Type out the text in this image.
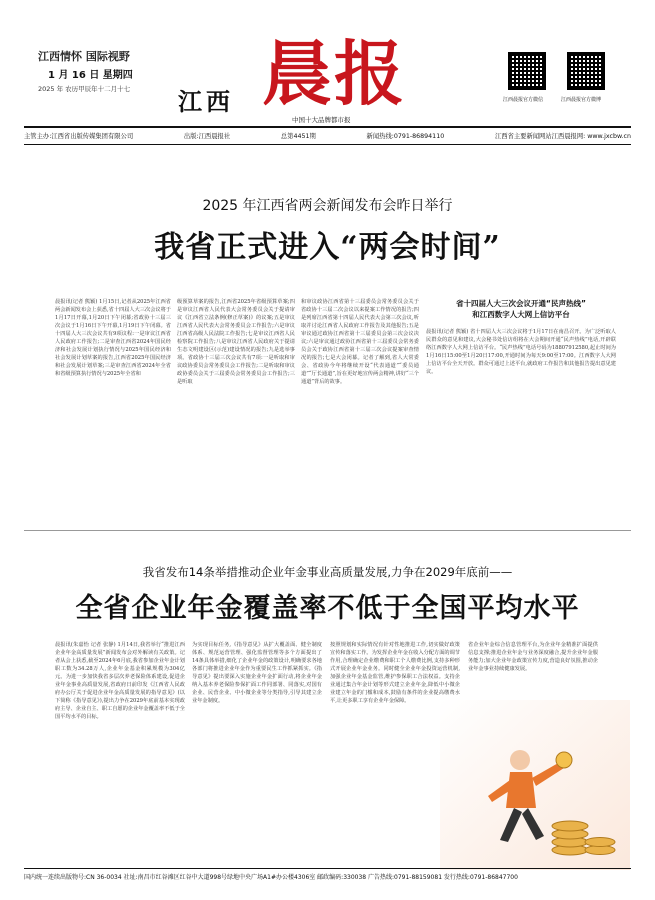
江西情怀 国际视野
1 月 16 日 星期四
2025 年 农历甲辰年十二月十七 江西 晨报
中国十大品牌都市报
江西晨报官方微信	江西晨报官方微博
主管主办:江西省出版传媒集团有限公司	出版:江西晨报社	总第4451期	新闻热线:0791-86894110	江西省主要新闻网站江西晨报网: www.jxcbw.cn
2025 年江西省两会新闻发布会昨日举行
我省正式进入“两会时间”
晨报讯(记者 熊颖) 1月15日,记者从2025年江西省两会新闻发布会上获悉,省十四届人大三次会议将于1月17日开幕,1月20日下午闭幕;省政协十三届三次会议于1月16日下午开幕,1月19日下午闭幕。省十四届人大三次会议共有9项议程:一是审议江西省人民政府工作报告;二是审查江西省2024年国民经济和社会发展计划执行情况与2025年国民经济和社会发展计划草案的报告,江西省2025年国民经济和社会发展计划草案;三是审查江西省2024年全省和省级预算执行情况与2025年全省和
级预算草案的报告,江西省2025年省级预算草案;四是审议江西省人民代表大会常务委员会关于提请审议《江西省立法条例(修正草案)》的议案;五是审议江西省人民代表大会常务委员会工作报告;六是审议江西省高级人民法院工作报告;七是审议江西省人民检察院工作报告;八是审议江西省人民政府关于提请生态文明建设区(示范)建设情况的报告;九是选举事项。省政协十三届三次会议共有7项:一是听取和审议政协委员会常务委员会工作报告;二是听取和审议政协委员会关于三届委员会常务委员会工作报告;三是听取
和审议政协江西省第十三届委员会常务委员会关于省政协十三届二次会议以来提案工作情况的报告;四是列席江西省第十四届人民代表大会第三次会议,听取并讨论江西省人民政府工作报告及其他报告;五是审议通过政协江西省第十三届委员会第三次会议决议;六是审议通过政协江西省第十三届委员会常务委员会关于政协江西省第十三届三次会议提案审查情况的报告;七是大会闭幕。记者了解到,省人大常委会、省政协今年将继续开设“代表通道”“委员通道”“厅长通道”,旨在更好地宣传两会精神,讲好“三个通道”背后的故事。
省十四届人大三次会议开通“民声热线”
和江西数字人大网上信访平台
晨报讯(记者 熊颖) 省十四届人大三次会议将于1月17日在南昌召开。为广泛听取人民群众的意见和建议,大会秘书处信访组将在大会期间开通“民声热线”电话,开辟联络江西数字人大网上信访平台。“民声热线”电话号码为18807912580,起止时间为1月16日15:00至1月20日17:00,开通时间为每天9:00至17:00。江西数字人大网上信访平台全天开放。群众可通过上述平台,就政府工作报告和其他报告提出意见建议。
我省发布14条举措推动企业年金事业高质量发展,力争在2029年底前——
全省企业年金覆盖率不低于全国平均水平
晨报讯(朱嘉怡 记者 张静) 1月14日,我省举行“推进江西企业年金高质量发展”新闻发布会对外解读有关政策。记者从会上获悉,截至2024年6月底,我省参加企业年金计划职工数为34.28万人,企业年金基金积累规模为304亿元。为进一步加快我省多层次养老保险体系建设,促进企业年金事业高质量发展,省政府日前印发《江西省人民政府办公厅关于促进企业年金高质量发展的指导意见》(以下简称《指导意见》),提出力争在2029年底前基本实现政府主导、企业自主、职工自愿的企业年金覆盖率不低于全国平均水平的目标。
为实现目标任务,《指导意见》从扩大覆盖面、健全制度体系、规范运营管理、强化监督管理等多个方面提出了14条具体举措,细化了企业年金的政策设计,明确要求各地各部门将推进企业年金作为重要民生工作抓紧抓实。《指导意见》提出要深入实施企业年金扩面行动,将企业年金纳入基本养老保险参保扩面工作同部署、同落实,对国有企业、民营企业、中小微企业等分类指导,引导其建立企业年金制度。
按照规划和实际情况有针对性地推进工作,切实做好政策宣传和落实工作。为发挥企业年金在收入分配方面的调节作用,合理确定企业缴费和职工个人缴费比例,支持多种形式开展企业年金业务。同时健全企业年金投资运营机制,加强企业年金基金监管,维护参保职工合法权益。支持企业通过集合年金计划等形式建立企业年金,降低中小微企业建立年金的门槛和成本,鼓励有条件的企业提高缴费水平,让更多职工享有企业年金保障。
省企业年金综合信息管理平台,为企业年金精准扩面提供信息支撑;推进企业年金与业务深度融合,提升企业年金服务能力;加大企业年金政策宣传力度,营造良好氛围,推动企业年金事业持续健康发展。
国内统一连续出版物号:CN 36-0034 社址:南昌市红谷滩区红谷中大道998号绿地中央广场A1#办公楼4306室 邮政编码:330038 广告热线:0791-88159081 发行热线:0791-86847700
